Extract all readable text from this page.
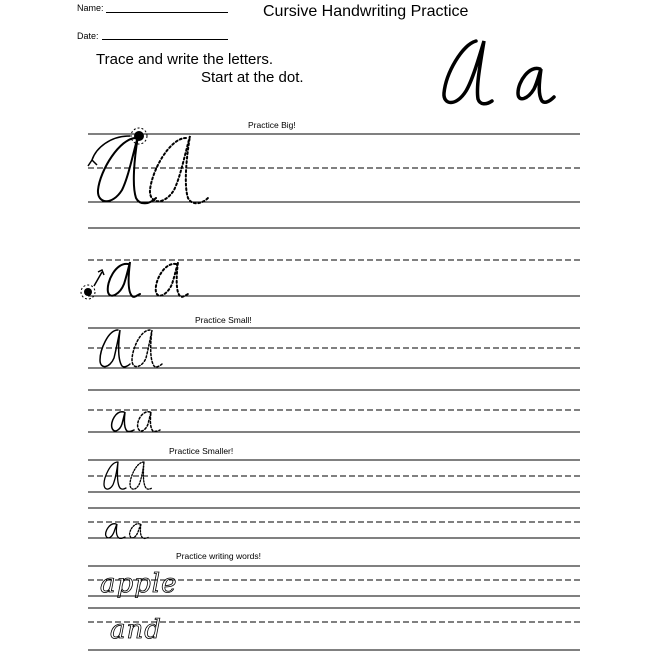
Name:
Date:
Cursive Handwriting Practice
Trace and write the letters.
Start at the dot.
Practice Big!
Practice Small!
Practice Smaller!
Practice writing words!
apple
and
